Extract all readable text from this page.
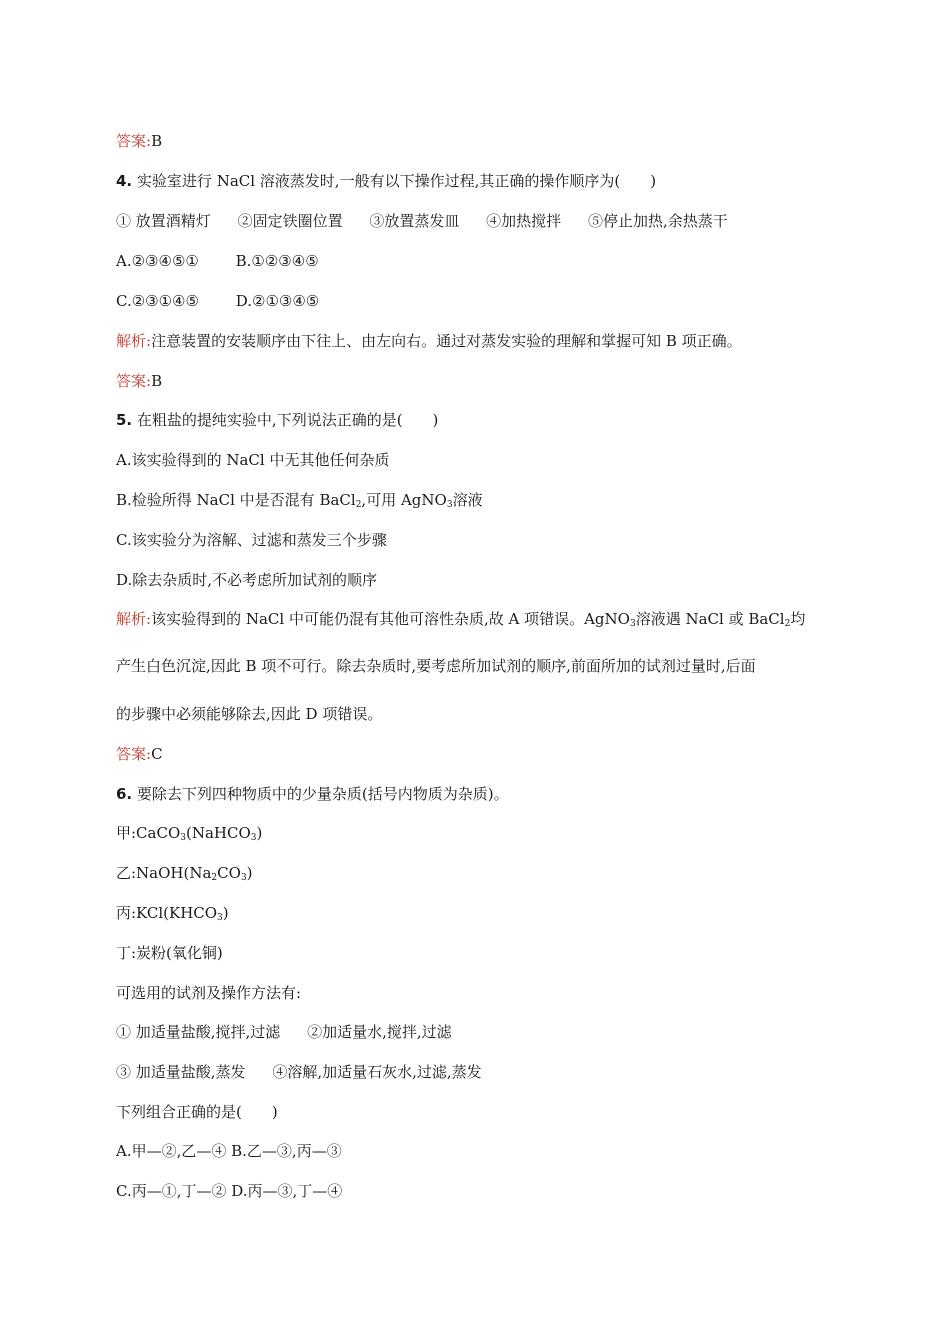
答案:B
4. 实验室进行 NaCl 溶液蒸发时,一般有以下操作过程,其正确的操作顺序为(　　)
① 放置酒精灯 ②固定铁圈位置 ③放置蒸发皿 ④加热搅拌 ⑤停止加热,余热蒸干
A.②③④⑤① B.①②③④⑤
C.②③①④⑤ D.②①③④⑤
解析:注意装置的安装顺序由下往上、由左向右。通过对蒸发实验的理解和掌握可知 B 项正确。
答案:B
5. 在粗盐的提纯实验中,下列说法正确的是(　　)
A.该实验得到的 NaCl 中无其他任何杂质
B.检验所得 NaCl 中是否混有 BaCl$_2$,可用 AgNO$_3$溶液
C.该实验分为溶解、过滤和蒸发三个步骤
D.除去杂质时,不必考虑所加试剂的顺序
解析:该实验得到的 NaCl 中可能仍混有其他可溶性杂质,故 A 项错误。AgNO$_3$溶液遇 NaCl 或 BaCl$_2$均
产生白色沉淀,因此 B 项不可行。除去杂质时,要考虑所加试剂的顺序,前面所加的试剂过量时,后面
的步骤中必须能够除去,因此 D 项错误。
答案:C
6. 要除去下列四种物质中的少量杂质(括号内物质为杂质)。
甲:CaCO$_3$(NaHCO$_3$)
乙$:NaOH(Na_2CO_3)$
丙$:KCl(KHCO_3)$
丁:炭粉(氧化铜)
可选用的试剂及操作方法有:
① 加适量盐酸,搅拌,过滤 ②加适量水,搅拌,过滤
③ 加适量盐酸,蒸发 ④溶解,加适量石灰水,过滤,蒸发
下列组合正确的是(　　)
A.甲—②,乙—④ B.乙—③,丙—③
C.丙—①,丁—② D.丙—③,丁—④
